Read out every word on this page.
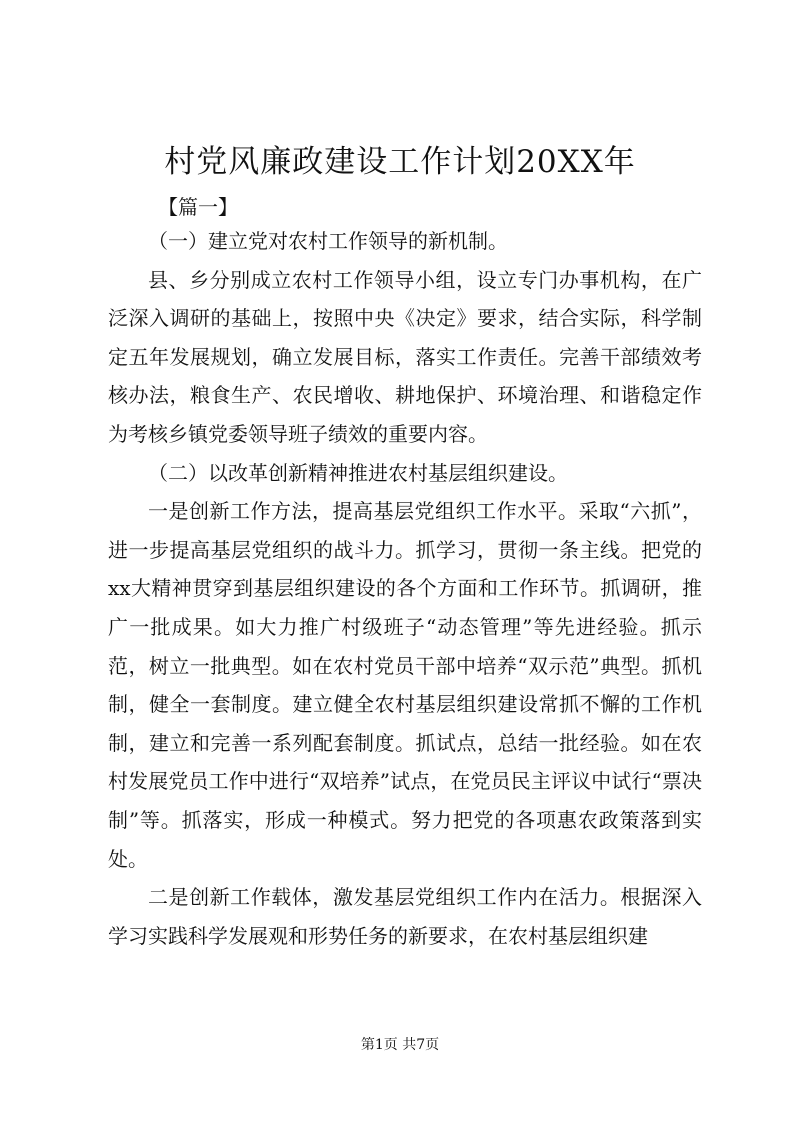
村党风廉政建设工作计划20XX年

【篇一】

（一）建立党对农村工作领导的新机制。

县、乡分别成立农村工作领导小组，设立专门办事机构，在广泛深入调研的基础上，按照中央《决定》要求，结合实际，科学制定五年发展规划，确立发展目标，落实工作责任。完善干部绩效考核办法，粮食生产、农民增收、耕地保护、环境治理、和谐稳定作为考核乡镇党委领导班子绩效的重要内容。

（二）以改革创新精神推进农村基层组织建设。

一是创新工作方法，提高基层党组织工作水平。采取“六抓”，进一步提高基层党组织的战斗力。抓学习，贯彻一条主线。把党的xx大精神贯穿到基层组织建设的各个方面和工作环节。抓调研，推广一批成果。如大力推广村级班子“动态管理”等先进经验。抓示范，树立一批典型。如在农村党员干部中培养“双示范”典型。抓机制，健全一套制度。建立健全农村基层组织建设常抓不懈的工作机制，建立和完善一系列配套制度。抓试点，总结一批经验。如在农村发展党员工作中进行“双培养”试点，在党员民主评议中试行“票决制”等。抓落实，形成一种模式。努力把党的各项惠农政策落到实处。

二是创新工作载体，激发基层党组织工作内在活力。根据深入学习实践科学发展观和形势任务的新要求，在农村基层组织建

第1页 共7页
